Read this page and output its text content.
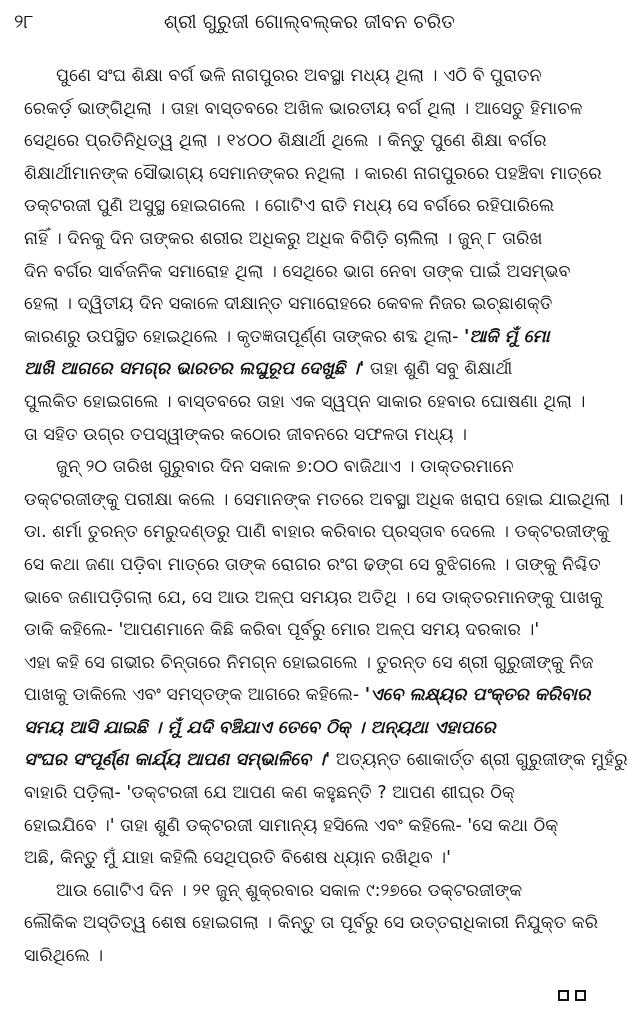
୨୮	ଶ୍ରୀ ଗୁରୁଜୀ ଗୋଲ୍‌ବଲ୍‌କର ଜୀବନ ଚରିତ
ପୁଣେ ସଂଘ ଶିକ୍ଷା ବର୍ଗ ଭଳି ନାଗପୁରର ଅବସ୍ଥା ମଧ୍ୟ ଥିଲା । ଏଠି ବି ପୁରାତନ
ରେକର୍ଡ଼ ଭାଙ୍ଗିଥିଲା । ତାହା ବାସ୍ତବରେ ଅଖିଳ ଭାରତୀୟ ବର୍ଗ ଥିଲା । ଆସେତୁ ହିମାଚଳ
ସେଥିରେ ପ୍ରତିନିଧିତ୍ୱ ଥିଲା । ୧୪୦୦ ଶିକ୍ଷାର୍ଥୀ ଥିଲେ । କିନ୍ତୁ ପୁଣେ ଶିକ୍ଷା ବର୍ଗର
ଶିକ୍ଷାର୍ଥୀମାନଙ୍କ ସୌଭାଗ୍ୟ ସେମାନଙ୍କର ନଥିଲା । କାରଣ ନାଗପୁରରେ ପହଞ୍ଚିବା ମାତ୍ରେ
ଡକ୍ଟରଜୀ ପୁଣି ଅସୁସ୍ଥ ହୋଇଗଲେ । ଗୋଟିଏ ରାତି ମଧ୍ୟ ସେ ବର୍ଗରେ ରହିପାରିଲେ
ନାହିଁ । ଦିନକୁ ଦିନ ତାଙ୍କର ଶରୀର ଅଧିକରୁ ଅଧିକ ବିଗିଡ଼ି ଚାଲିଲା । ଜୁନ୍ ୮ ତାରିଖ
ଦିନ ବର୍ଗର ସାର୍ବଜନିକ ସମାରୋହ ଥିଲା । ସେଥିରେ ଭାଗ ନେବା ତାଙ୍କ ପାଇଁ ଅସମ୍ଭବ
ହେଲା । ଦ୍ୱିତୀୟ ଦିନ ସକାଳେ ଦୀକ୍ଷାନ୍ତ ସମାରୋହରେ କେବଳ ନିଜର ଇଚ୍ଛାଶକ୍ତି
କାରଣରୁ ଉପସ୍ଥିତ ହୋଇଥିଲେ । କୃତଜ୍ଞତାପୂର୍ଣ୍ଣ ତାଙ୍କର ଶବ୍ଦ ଥିଲା- 'ଆଜି ମୁଁ ମୋ
ଆଖି ଆଗରେ ସମଗ୍ର ଭାରତର ଲଘୁରୂପ ଦେଖୁଛି ।' ତାହା ଶୁଣି ସବୁ ଶିକ୍ଷାର୍ଥୀ
ପୁଲକିତ ହୋଇଗଲେ । ବାସ୍ତବରେ ତାହା ଏକ ସ୍ୱପ୍ନ ସାକାର ହେବାର ଘୋଷଣା ଥିଲା ।
ତା ସହିତ ଉଗ୍ର ତପସ୍ୱୀଙ୍କର କଠୋର ଜୀବନରେ ସଫଳତା ମଧ୍ୟ ।
ଜୁନ୍ ୨୦ ତାରିଖ ଗୁରୁବାର ଦିନ ସକାଳ ୭:୦୦ ବାଜିଥାଏ । ଡାକ୍ତରମାନେ
ଡକ୍ଟରଜୀଙ୍କୁ ପରୀକ୍ଷା କଲେ । ସେମାନଙ୍କ ମତରେ ଅବସ୍ଥା ଅଧିକ ଖରାପ ହୋଇ ଯାଇଥିଲା ।
ଡା. ଶର୍ମା ତୁରନ୍ତ ମେରୁଦଣ୍ଡରୁ ପାଣି ବାହାର କରିବାର ପ୍ରସ୍ତାବ ଦେଲେ । ଡକ୍ଟରଜୀଙ୍କୁ
ସେ କଥା ଜଣା ପଡ଼ିବା ମାତ୍ରେ ତାଙ୍କ ରୋଗର ରଂଗ ଢଙ୍ଗ ସେ ବୁଝିଗଲେ । ତାଙ୍କୁ ନିଶ୍ଚିତ
ଭାବେ ଜଣାପଡ଼ିଗଲା ଯେ, ସେ ଆଉ ଅଳ୍ପ ସମୟର ଅତିଥି । ସେ ଡାକ୍ତରମାନଙ୍କୁ ପାଖକୁ
ଡାକି କହିଲେ- 'ଆପଣମାନେ କିଛି କରିବା ପୂର୍ବରୁ ମୋର ଅଳ୍ପ ସମୟ ଦରକାର ।'
ଏହା କହି ସେ ଗଭୀର ଚିନ୍ତାରେ ନିମଗ୍ନ ହୋଇଗଲେ । ତୁରନ୍ତ ସେ ଶ୍ରୀ ଗୁରୁଜୀଙ୍କୁ ନିଜ
ପାଖକୁ ଡାକିଲେ ଏବଂ ସମସ୍ତଙ୍କ ଆଗରେ କହିଲେ- 'ଏବେ ଲକ୍ଷ୍ୟର ପଂକ୍ତର କରିବାର
ସମୟ ଆସି ଯାଇଛି । ମୁଁ ଯଦି ବଞ୍ଚିଯାଏ ତେବେ ଠିକ୍ । ଅନ୍ୟଥା ଏହାପରେ
ସଂଘର ସଂପୂର୍ଣ୍ଣ କାର୍ଯ୍ୟ ଆପଣ ସମ୍ଭାଳିବେ ।' ଅତ୍ୟନ୍ତ ଶୋକାର୍ତ୍ତ ଶ୍ରୀ ଗୁରୁଜୀଙ୍କ ମୁହଁରୁ
ବାହାରି ପଡ଼ିଲା- 'ଡକ୍ଟରଜୀ ଯେ ଆପଣ କଣ କହୁଛନ୍ତି ? ଆପଣ ଶୀଘ୍ର ଠିକ୍
ହୋଇଯିବେ ।' ତାହା ଶୁଣି ଡକ୍ଟରଜୀ ସାମାନ୍ୟ ହସିଲେ ଏବଂ କହିଲେ- 'ସେ କଥା ଠିକ୍
ଅଛି, କିନ୍ତୁ ମୁଁ ଯାହା କହିଲି ସେଥିପ୍ରତି ବିଶେଷ ଧ୍ୟାନ ରଖିଥିବ ।'
ଆଉ ଗୋଟିଏ ଦିନ । ୨୧ ଜୁନ୍ ଶୁକ୍ରବାର ସକାଳ ୯:୨୭ରେ ଡକ୍ଟରଜୀଙ୍କ
ଲୌକିକ ଅସ୍ତିତ୍ୱ ଶେଷ ହୋଇଗଲା । କିନ୍ତୁ ତା ପୂର୍ବରୁ ସେ ଉତ୍ତରାଧିକାରୀ ନିଯୁକ୍ତ କରି
ସାରିଥିଲେ ।
